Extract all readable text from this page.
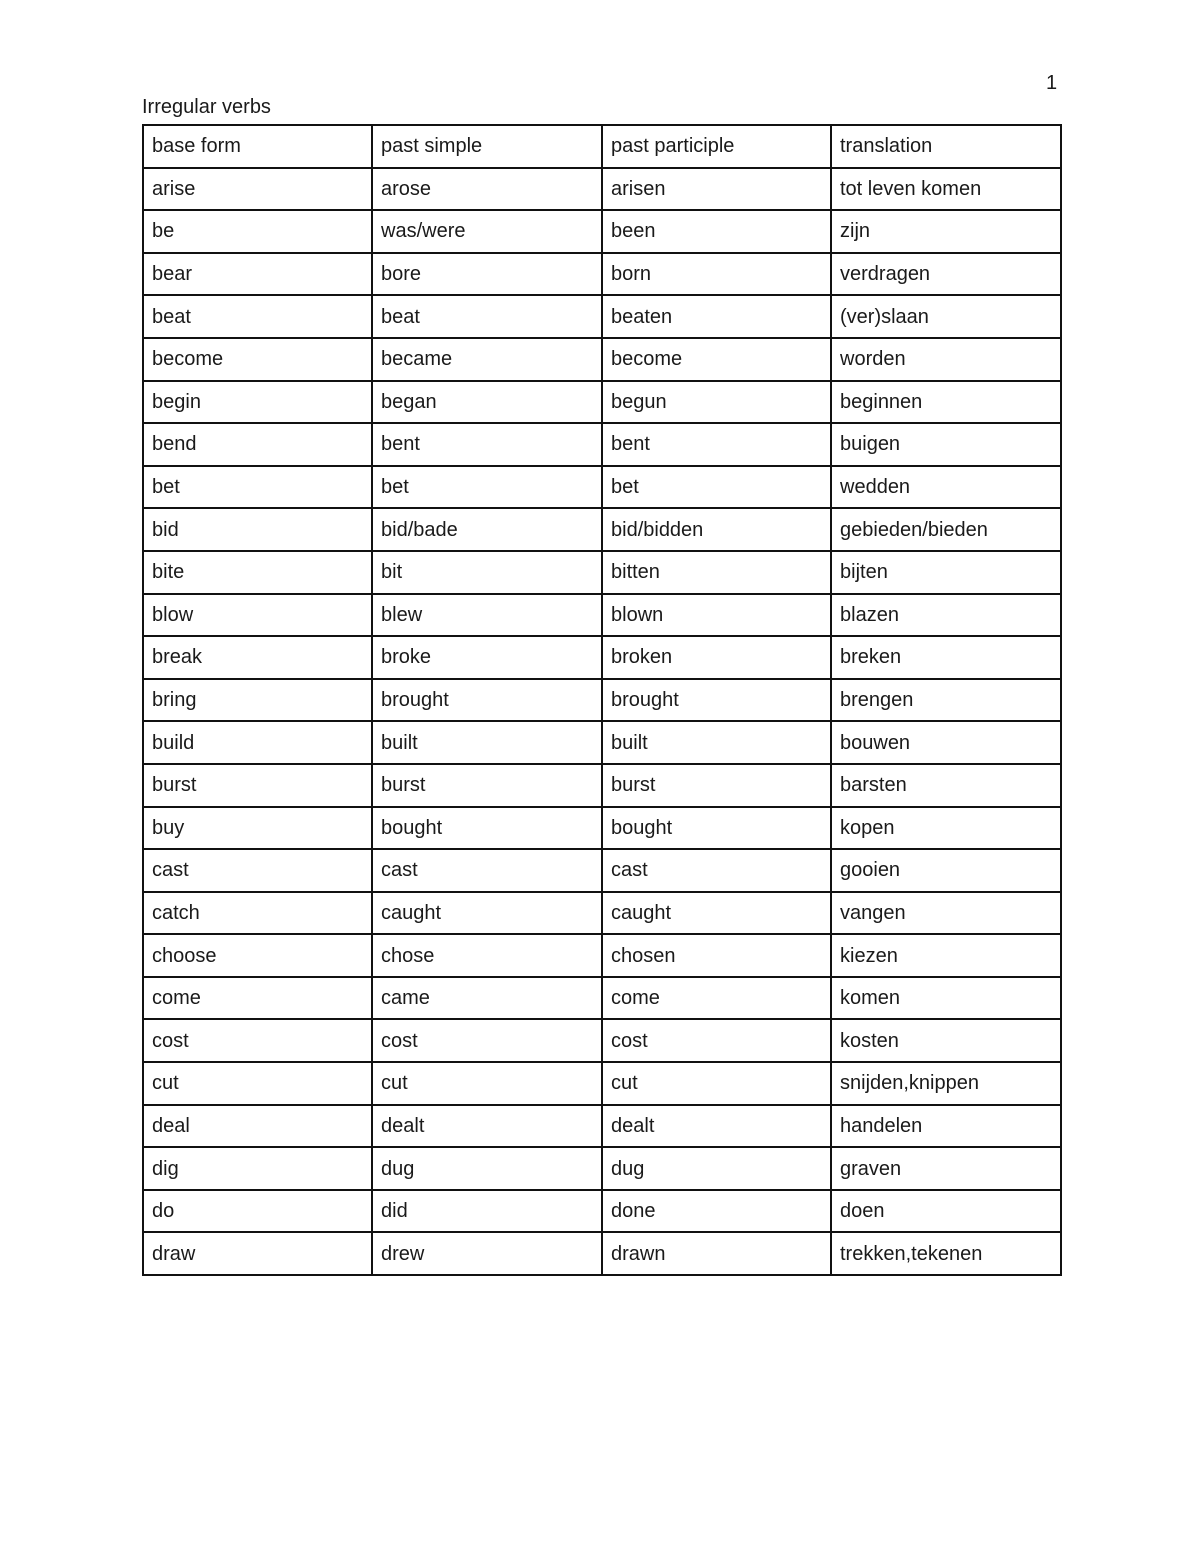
1
Irregular verbs
base form	past simple	past participle	translation
arise	arose	arisen	tot leven komen
be	was/were	been	zijn
bear	bore	born	verdragen
beat	beat	beaten	(ver)slaan
become	became	become	worden
begin	began	begun	beginnen
bend	bent	bent	buigen
bet	bet	bet	wedden
bid	bid/bade	bid/bidden	gebieden/bieden
bite	bit	bitten	bijten
blow	blew	blown	blazen
break	broke	broken	breken
bring	brought	brought	brengen
build	built	built	bouwen
burst	burst	burst	barsten
buy	bought	bought	kopen
cast	cast	cast	gooien
catch	caught	caught	vangen
choose	chose	chosen	kiezen
come	came	come	komen
cost	cost	cost	kosten
cut	cut	cut	snijden,knippen
deal	dealt	dealt	handelen
dig	dug	dug	graven
do	did	done	doen
draw	drew	drawn	trekken,tekenen
